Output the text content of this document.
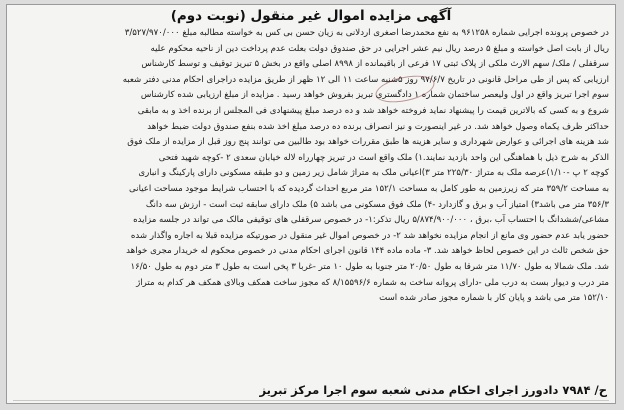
آگهی مزایده اموال غیر منقول (نوبت دوم)
در خصوص پرونده اجرایی شماره ۹۶۱۲۵۸ به نفع محمدرضا اصغری اردلانی به زیان حسن بی کس به خواسته مطالبه مبلغ ۳/۵۲۷/۹۷۰/۰۰۰
ریال از بابت اصل خواسته و مبلغ ۵ درصد ریال نیم عشر اجرایی در حق صندوق دولت بعلت عدم پرداخت دین از ناحیه محکوم علیه
سرقفلی / ملک/ سهم الارث ملکی از پلاک ثبتی ۱۷ فرعی از باقیمانده از ۸۹۹۸ اصلی واقع در بخش ۵ تبریز توقیف و توسط کارشناس
ارزیابی که پس از طی مراحل قانونی در تاریخ ۹۷/۶/۷ روز ۵شنبه ساعت ۱۱ الی ۱۲ ظهر از طریق مزایده دراجرای احکام مدنی دفتر شعبه
سوم اجرا تبریز واقع در اول ولیعصر ساختمان شماره ۱ دادگستری تبریز بفروش خواهد رسید . مزایده از مبلغ ارزیابی شده کارشناس
شروع و به کسی که بالاترین قیمت را پیشنهاد نماید فروخته خواهد شد و ده درصد مبلغ پیشنهادی فی المجلس از برنده اخذ و به مابقی
حداکثر ظرف یکماه وصول خواهد شد. در غیر اینصورت و نیز انصراف برنده ده درصد مبلغ اخذ شده بنفع صندوق دولت ضبط خواهد
شد هزینه های اجرائی و عوارض شهرداری و سایر هزینه ها طبق مقررات خواهد بود طالبین می توانند پنج روز قبل از مزایده از ملک فوق
الذکر به شرح ذیل با هماهنگی این واحد بازدید نمایند.۱) ملک واقع است در تبریز چهارراه لاله خیابان سعدی ۲ -کوچه شهید فتحی
کوچه ۲ پ -۱/۱۰)عرصه ملک به متراژ ۲۲۵/۳۰ متر ۳)اعیانی ملک به متراژ شامل زیر زمین و دو طبقه مسکونی دارای پارکینگ و انباری
به مساحت ۳۵۹/۲ متر که زیرزمین به طور کامل به مساحت ۱۵۲/۱ متر مربع احداث گردیده که با احتساب شرایط موجود مساحت اعیانی
۳۵۶/۳ متر می باشد۳) امتیاز آب و برق و گازدارد -۴) ملک فوق مسکونی می باشد ۵) ملک دارای سابقه ثبت است - ارزش سه دانگ
مشاعی/ششدانگ با احتساب آب ،برق ، ۵/۸۷۴/۹۰۰/۰۰۰ ریال تذکر:۱- در خصوص سرقفلی های توقیفی مالک می تواند در جلسه مزایده
حضور یابد عدم حضور وی مانع از انجام مزایده نخواهد شد ۲- در خصوص اموال غیر منقول در صورتیکه مزایده قبلا به اجاره واگذار شده
حق شخص ثالث در این خصوص لحاظ خواهد شد. ۳- ماده ماده ۱۴۴ قانون اجرای احکام مدنی در خصوص محکوم له خریدار مجری خواهد
شد. ملک شمالا به طول ۱۱/۷۰ متر شرقا به طول ۲۰/۵۰ متر جنوبا به طول ۱۰ متر -غربا ۳ پخی است به طول ۳ متر دوم به طول ۱۶/۵۰
متر درب و دیوار بست به درب ملی -دارای پروانه ساخت به شماره ۸/۱۵۵۹۶/۶ که مجوز ساخت همکف وبالای همکف هر کدام به متراژ
۱۵۲/۱۰ متر می باشد و پایان کار با شماره مجوز صادر شده است
ح/ ۷۹۸۴ دادورز اجرای احکام مدنی شعبه سوم اجرا مرکز تبریز
